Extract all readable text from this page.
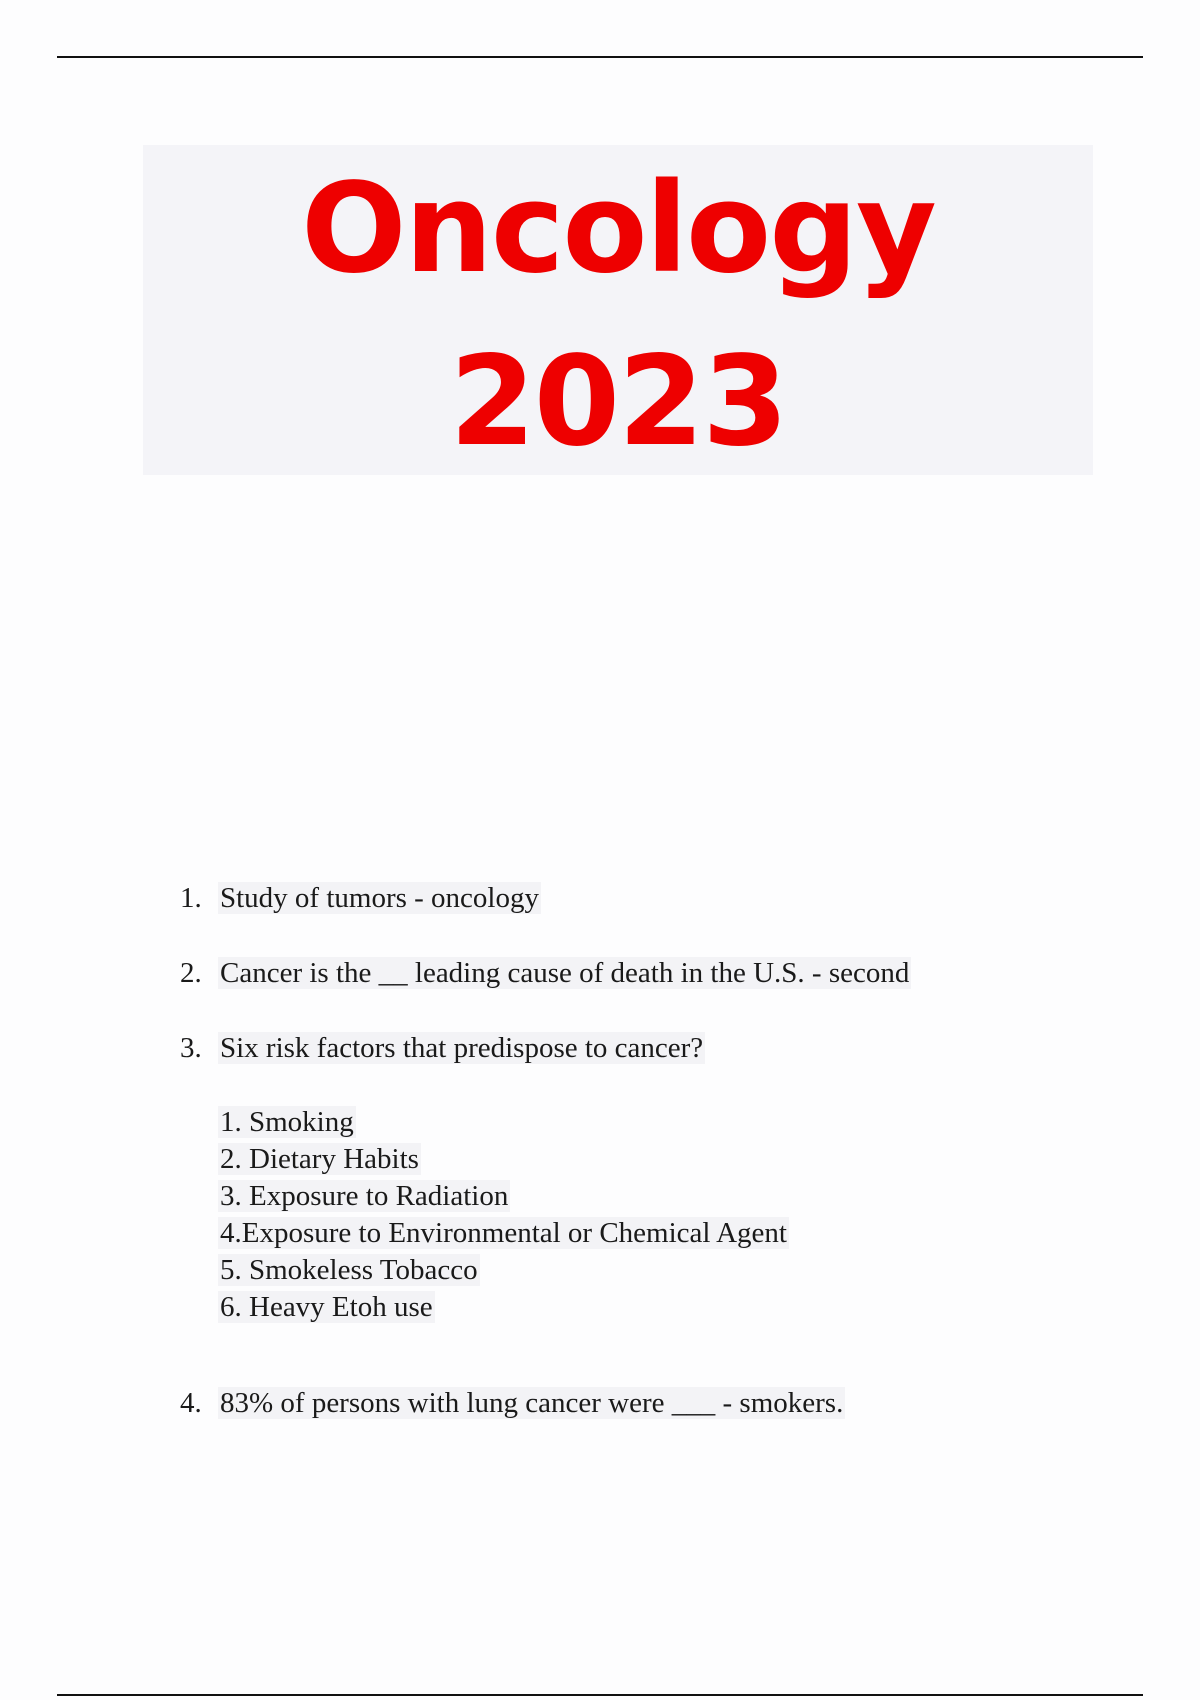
Oncology
2023
1. Study of tumors - oncology
2. Cancer is the __ leading cause of death in the U.S. - second
3. Six risk factors that predispose to cancer?
1. Smoking
2. Dietary Habits
3. Exposure to Radiation
4.Exposure to Environmental or Chemical Agent
5. Smokeless Tobacco
6. Heavy Etoh use
4. 83% of persons with lung cancer were ___ - smokers.
